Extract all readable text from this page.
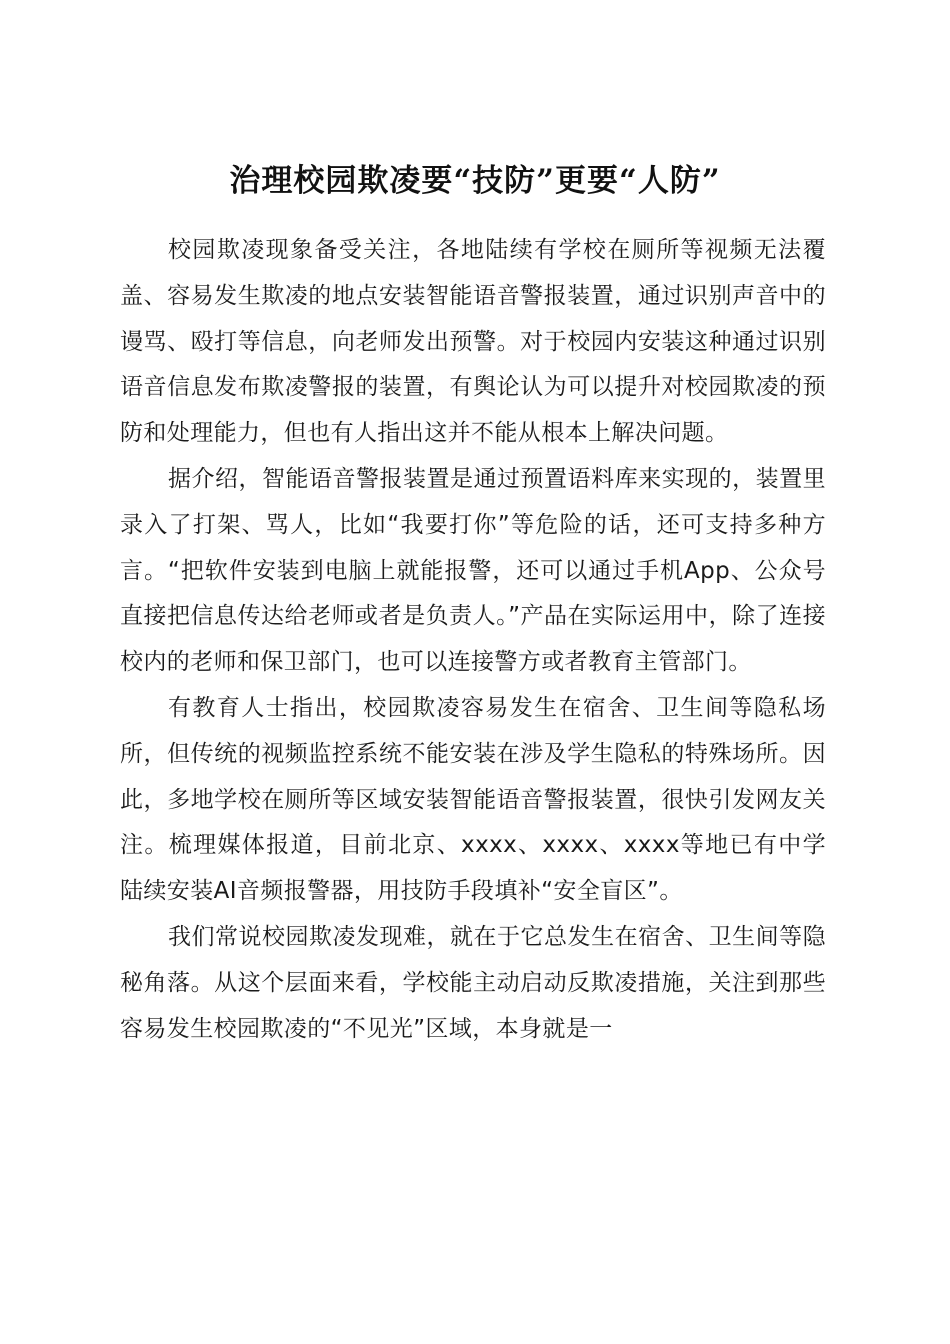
治理校园欺凌要“技防”更要“人防”

校园欺凌现象备受关注，各地陆续有学校在厕所等视频无法覆盖、容易发生欺凌的地点安装智能语音警报装置，通过识别声音中的谩骂、殴打等信息，向老师发出预警。对于校园内安装这种通过识别语音信息发布欺凌警报的装置，有舆论认为可以提升对校园欺凌的预防和处理能力，但也有人指出这并不能从根本上解决问题。

据介绍，智能语音警报装置是通过预置语料库来实现的，装置里录入了打架、骂人，比如“我要打你”等危险的话，还可支持多种方言。“把软件安装到电脑上就能报警，还可以通过手机App、公众号直接把信息传达给老师或者是负责人。”产品在实际运用中，除了连接校内的老师和保卫部门，也可以连接警方或者教育主管部门。

有教育人士指出，校园欺凌容易发生在宿舍、卫生间等隐私场所，但传统的视频监控系统不能安装在涉及学生隐私的特殊场所。因此，多地学校在厕所等区域安装智能语音警报装置，很快引发网友关注。梳理媒体报道，目前北京、xxxx、xxxx、xxxx等地已有中学陆续安装AI音频报警器，用技防手段填补“安全盲区”。

我们常说校园欺凌发现难，就在于它总发生在宿舍、卫生间等隐秘角落。从这个层面来看，学校能主动启动反欺凌措施，关注到那些容易发生校园欺凌的“不见光”区域，本身就是一
